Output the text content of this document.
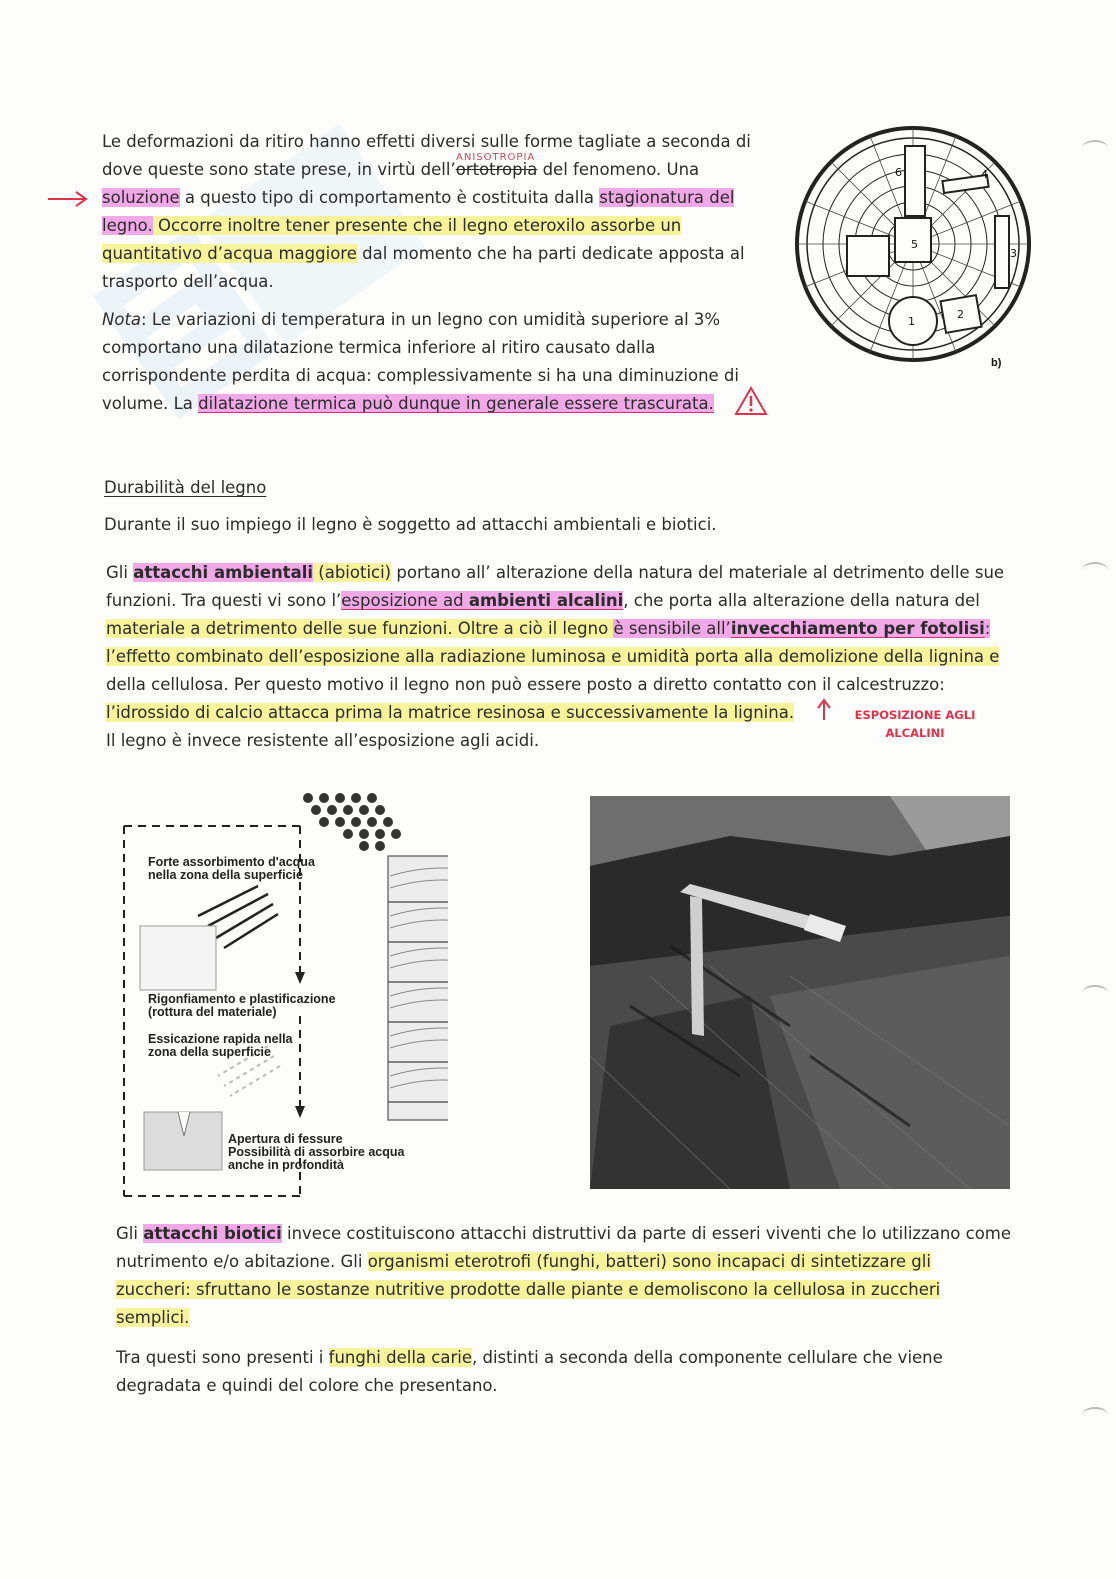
ANISOTROPIA
Le deformazioni da ritiro hanno effetti diversi sulle forme tagliate a seconda di
dove queste sono state prese, in virtù dell’ortotropia del fenomeno. Una
soluzione a questo tipo di comportamento è costituita dalla stagionatura del
legno. Occorre inoltre tener presente che il legno eteroxilo assorbe un
quantitativo d’acqua maggiore dal momento che ha parti dedicate apposta al
trasporto dell’acqua.
Nota: Le variazioni di temperatura in un legno con umidità superiore al 3%
comportano una dilatazione termica inferiore al ritiro causato dalla
corrispondente perdita di acqua: complessivamente si ha una diminuzione di
volume. La dilatazione termica può dunque in generale essere trascurata.
1
2
3
4
5
6
b)
Durabilità del legno
Durante il suo impiego il legno è soggetto ad attacchi ambientali e biotici.
Gli attacchi ambientali (abiotici) portano all’ alterazione della natura del materiale al detrimento delle sue
funzioni. Tra questi vi sono l’esposizione ad ambienti alcalini, che porta alla alterazione della natura del
materiale a detrimento delle sue funzioni. Oltre a ciò il legno è sensibile all’invecchiamento per fotolisi:
l’effetto combinato dell’esposizione alla radiazione luminosa e umidità porta alla demolizione della lignina e
della cellulosa. Per questo motivo il legno non può essere posto a diretto contatto con il calcestruzzo:
l’idrossido di calcio attacca prima la matrice resinosa e successivamente la lignina.
Il legno è invece resistente all’esposizione agli acidi.
ESPOSIZIONE AGLI
ALCALINI
Forte assorbimento d'acqua
nella zona della superficie
Rigonfiamento e plastificazione
(rottura del materiale)
Essicazione rapida nella
zona della superficie
Apertura di fessure
Possibilità di assorbire acqua
anche in profondità
Gli attacchi biotici invece costituiscono attacchi distruttivi da parte di esseri viventi che lo utilizzano come
nutrimento e/o abitazione. Gli organismi eterotrofi (funghi, batteri) sono incapaci di sintetizzare gli
zuccheri: sfruttano le sostanze nutritive prodotte dalle piante e demoliscono la cellulosa in zuccheri
semplici.
Tra questi sono presenti i funghi della carie, distinti a seconda della componente cellulare che viene
degradata e quindi del colore che presentano.
